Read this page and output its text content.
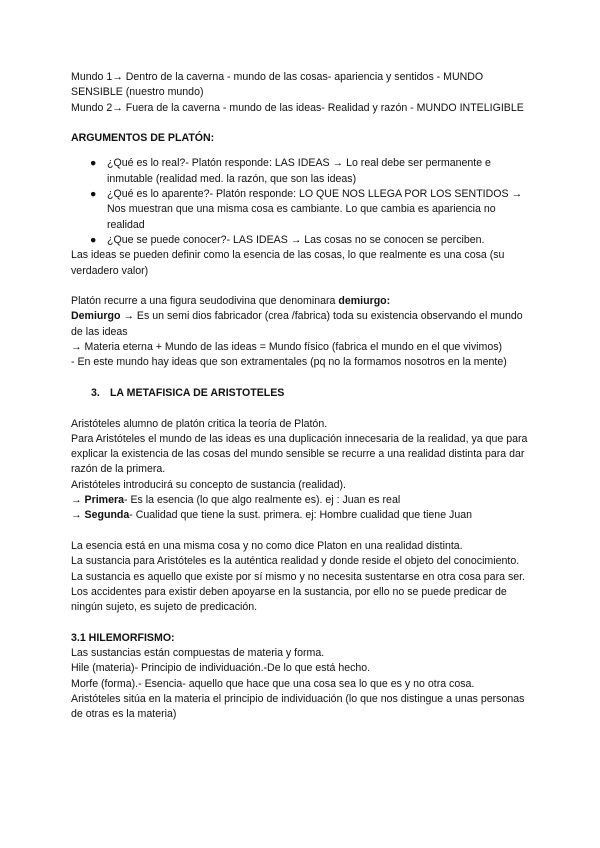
Mundo 1→ Dentro de la caverna - mundo de las cosas- apariencia y sentidos - MUNDO SENSIBLE (nuestro mundo)

Mundo 2→ Fuera de la caverna - mundo de las ideas- Realidad y razón - MUNDO INTELIGIBLE

ARGUMENTOS DE PLATÓN:

● ¿Qué es lo real?- Platón responde: LAS IDEAS → Lo real debe ser permanente e inmutable (realidad med. la razón, que son las ideas)
● ¿Qué es lo aparente?- Platón responde: LO QUE NOS LLEGA POR LOS SENTIDOS → Nos muestran que una misma cosa es cambiante. Lo que cambia es apariencia no realidad
● ¿Que se puede conocer?- LAS IDEAS → Las cosas no se conocen se perciben.

Las ideas se pueden definir como la esencia de las cosas, lo que realmente es una cosa (su verdadero valor)

Platón recurre a una figura seudodivina que denominara demiurgo:

Demiurgo → Es un semi dios fabricador (crea /fabrica) toda su existencia observando el mundo de las ideas

→ Materia eterna + Mundo de las ideas = Mundo físico (fabrica el mundo en el que vivimos)

- En este mundo hay ideas que son extramentales (pq no la formamos nosotros en la mente)

3. LA METAFISICA DE ARISTOTELES

Aristóteles alumno de platón critica la teoría de Platón.

Para Aristóteles el mundo de las ideas es una duplicación innecesaria de la realidad, ya que para explicar la existencia de las cosas del mundo sensible se recurre a una realidad distinta para dar razón de la primera.

Aristóteles introducirá su concepto de sustancia (realidad).

→ Primera- Es la esencia (lo que algo realmente es). ej : Juan es real

→ Segunda- Cualidad que tiene la sust. primera. ej: Hombre cualidad que tiene Juan

La esencia está en una misma cosa y no como dice Platon en una realidad distinta.

La sustancia para Aristóteles es la auténtica realidad y donde reside el objeto del conocimiento.

La sustancia es aquello que existe por sí mismo y no necesita sustentarse en otra cosa para ser.

Los accidentes para existir deben apoyarse en la sustancia, por ello no se puede predicar de ningún sujeto, es sujeto de predicación.

3.1 HILEMORFISMO:

Las sustancias están compuestas de materia y forma.

Hile (materia)- Principio de individuación.-De lo que está hecho.

Morfe (forma).- Esencia- aquello que hace que una cosa sea lo que es y no otra cosa.

Aristóteles sitúa en la materia el principio de individuación (lo que nos distingue a unas personas de otras es la materia)
